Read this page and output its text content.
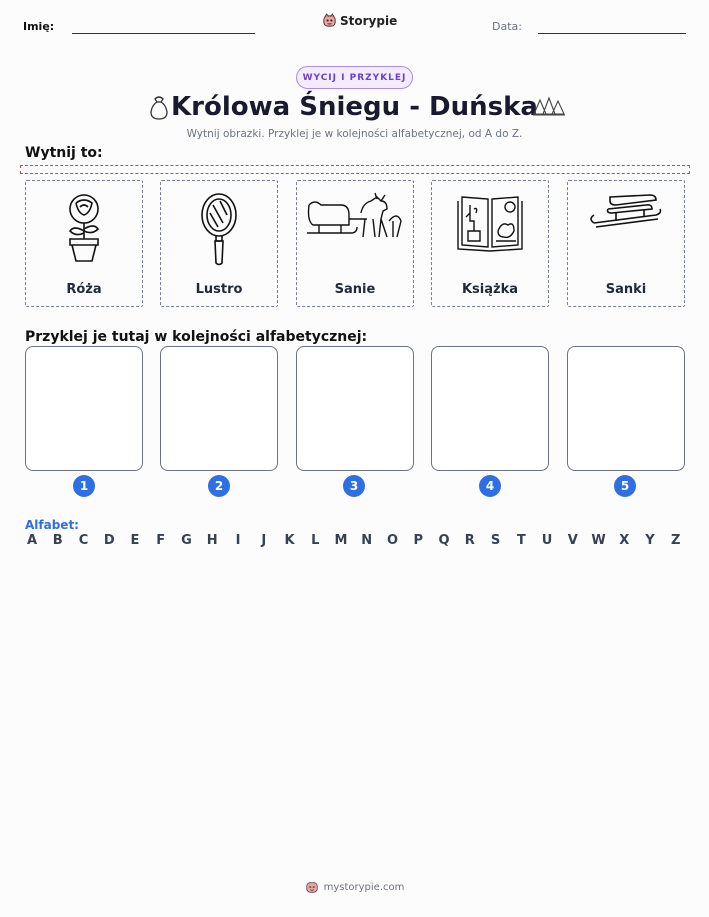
Imię:	Storypie	Data:
WYCIJ I PRZYKLEJ
Królowa Śniegu - Duńska
Wytnij obrazki. Przyklej je w kolejności alfabetycznej, od A do Z.
Wytnij to:
Róża	Lustro	Sanie	Książka	Sanki
Przyklej je tutaj w kolejności alfabetycznej:
1	2	3	4	5
Alfabet:
A B C D E F G H	I	J	K L M N O P Q R S T U V W X Y Z
mystorypie.com
